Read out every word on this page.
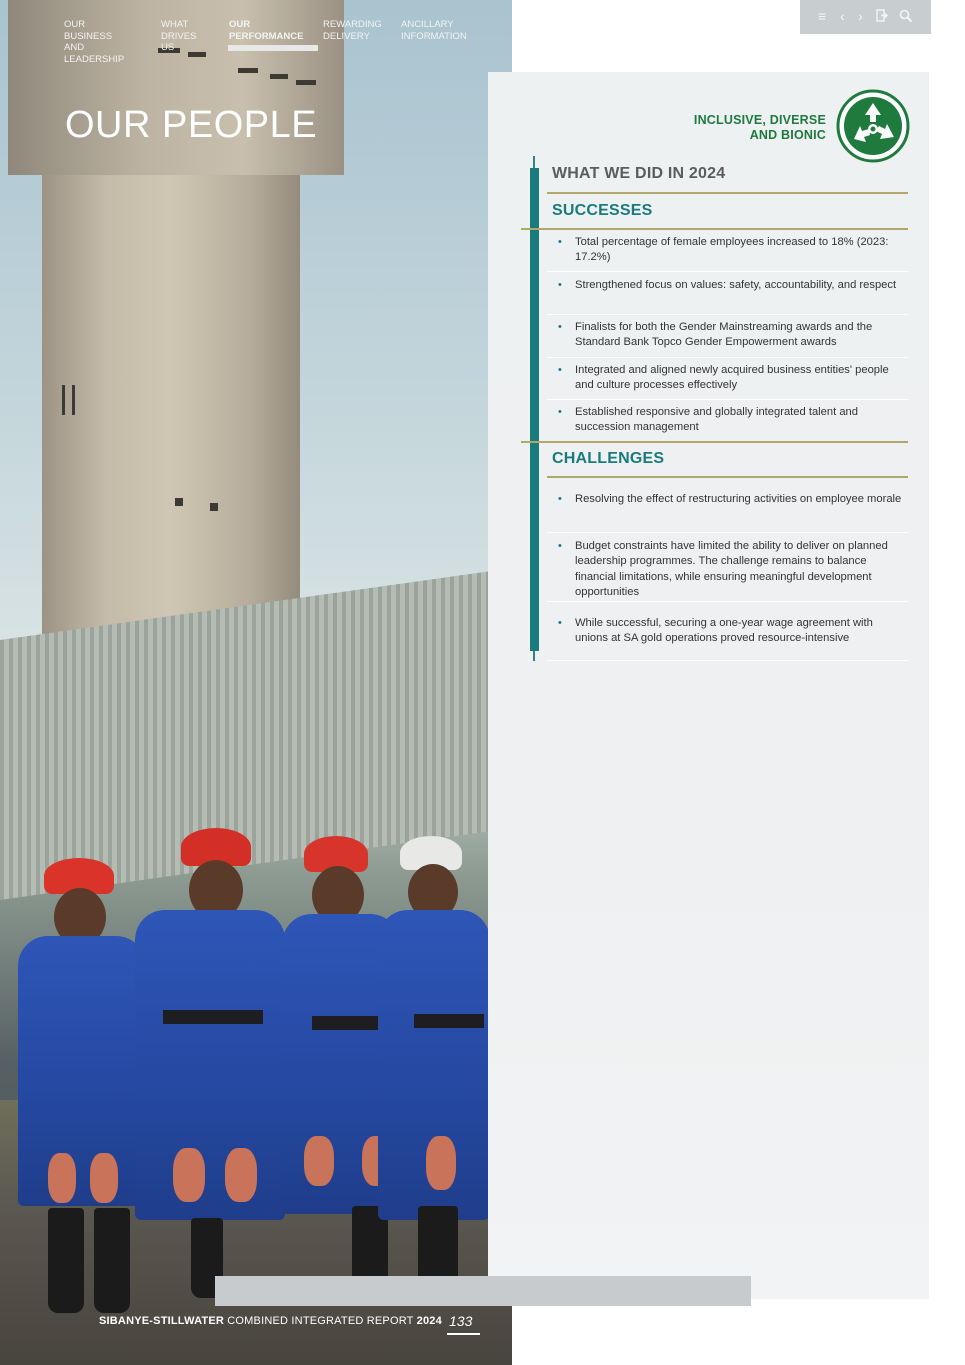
OUR PEOPLE
OUR BUSINESS
AND LEADERSHIP
WHAT
DRIVES US
OUR
PERFORMANCE
REWARDING
DELIVERY
ANCILLARY
INFORMATION
≡ ‹ ›
INCLUSIVE, DIVERSE
AND BIONIC
WHAT WE DID IN 2024
SUCCESSES
• Total percentage of female employees increased to 18% (2023: 17.2%)
• Strengthened focus on values: safety, accountability, and respect
• Finalists for both the Gender Mainstreaming awards and the Standard Bank Topco Gender Empowerment awards
• Integrated and aligned newly acquired business entities' people and culture processes effectively
• Established responsive and globally integrated talent and succession management
CHALLENGES
• Resolving the effect of restructuring activities on employee morale
• Budget constraints have limited the ability to deliver on planned leadership programmes. The challenge remains to balance financial limitations, while ensuring meaningful development opportunities
• While successful, securing a one-year wage agreement with unions at SA gold operations proved resource-intensive
SIBANYE-STILLWATER COMBINED INTEGRATED REPORT 2024 133
